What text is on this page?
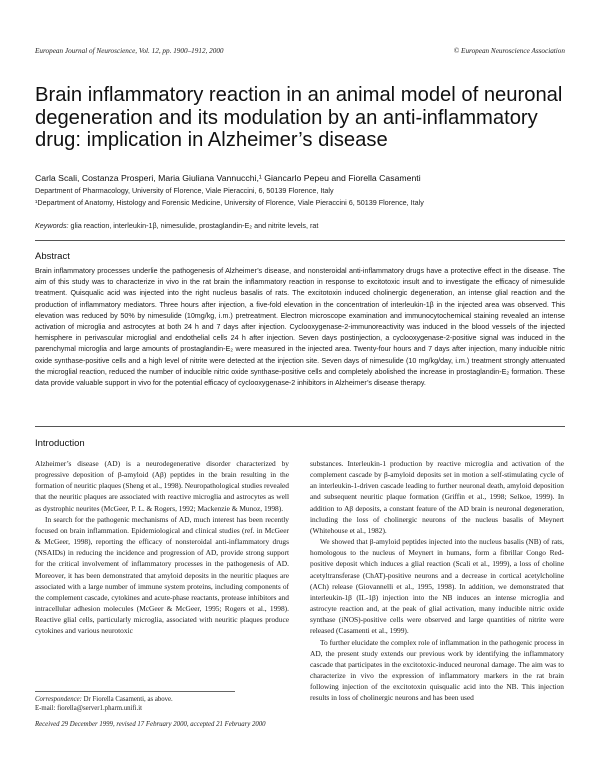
European Journal of Neuroscience, Vol. 12, pp. 1900–1912, 2000	© European Neuroscience Association
Brain inflammatory reaction in an animal model of neuronal degeneration and its modulation by an anti-inflammatory drug: implication in Alzheimer’s disease
Carla Scali, Costanza Prosperi, Maria Giuliana Vannucchi,¹ Giancarlo Pepeu and Fiorella Casamenti
Department of Pharmacology, University of Florence, Viale Pieraccini, 6, 50139 Florence, Italy
¹Department of Anatomy, Histology and Forensic Medicine, University of Florence, Viale Pieraccini 6, 50139 Florence, Italy
Keywords: glia reaction, interleukin-1β, nimesulide, prostaglandin-E₂ and nitrite levels, rat
Abstract
Brain inflammatory processes underlie the pathogenesis of Alzheimer’s disease, and nonsteroidal anti-inflammatory drugs have a protective effect in the disease. The aim of this study was to characterize in vivo in the rat brain the inflammatory reaction in response to excitotoxic insult and to investigate the efficacy of nimesulide treatment. Quisqualic acid was injected into the right nucleus basalis of rats. The excitotoxin induced cholinergic degeneration, an intense glial reaction and the production of inflammatory mediators. Three hours after injection, a five-fold elevation in the concentration of interleukin-1β in the injected area was observed. This elevation was reduced by 50% by nimesulide (10mg/kg, i.m.) pretreatment. Electron microscope examination and immunocytochemical staining revealed an intense activation of microglia and astrocytes at both 24 h and 7 days after injection. Cyclooxygenase-2-immunoreactivity was induced in the blood vessels of the injected hemisphere in perivascular microglial and endothelial cells 24 h after injection. Seven days postinjection, a cyclooxygenase-2-positive signal was induced in the parenchymal microglia and large amounts of prostaglandin-E₂ were measured in the injected area. Twenty-four hours and 7 days after injection, many inducible nitric oxide synthase-positive cells and a high level of nitrite were detected at the injection site. Seven days of nimesulide (10 mg/kg/day, i.m.) treatment strongly attenuated the microglial reaction, reduced the number of inducible nitric oxide synthase-positive cells and completely abolished the increase in prostaglandin-E₂ formation. These data provide valuable support in vivo for the potential efficacy of cyclooxygenase-2 inhibitors in Alzheimer’s disease therapy.
Introduction

Alzheimer’s disease (AD) is a neurodegenerative disorder characterized by progressive deposition of β-amyloid (Aβ) peptides in the brain resulting in the formation of neuritic plaques (Sheng et al., 1998). Neuropathological studies revealed that the neuritic plaques are associated with reactive microglia and astrocytes as well as dystrophic neurites (McGeer, P. L. & Rogers, 1992; Mackenzie & Munoz, 1998).

In search for the pathogenic mechanisms of AD, much interest has been recently focused on brain inflammation. Epidemiological and clinical studies (ref. in McGeer & McGeer, 1998), reporting the efficacy of nonsteroidal anti-inflammatory drugs (NSAIDs) in reducing the incidence and progression of AD, provide strong support for the critical involvement of inflammatory processes in the pathogenesis of AD. Moreover, it has been demonstrated that amyloid deposits in the neuritic plaques are associated with a large number of immune system proteins, including components of the complement cascade, cytokines and acute-phase reactants, protease inhibitors and intracellular adhesion molecules (McGeer & McGeer, 1995; Rogers et al., 1998). Reactive glial cells, particularly microglia, associated with neuritic plaques produce cytokines and various neurotoxic

substances. Interleukin-1 production by reactive microglia and activation of the complement cascade by β-amyloid deposits set in motion a self-stimulating cycle of an interleukin-1-driven cascade leading to further neuronal death, amyloid deposition and subsequent neuritic plaque formation (Griffin et al., 1998; Selkoe, 1999). In addition to Aβ deposits, a constant feature of the AD brain is neuronal degeneration, including the loss of cholinergic neurons of the nucleus basalis of Meynert (Whitehouse et al., 1982).

We showed that β-amyloid peptides injected into the nucleus basalis (NB) of rats, homologous to the nucleus of Meynert in humans, form a fibrillar Congo Red-positive deposit which induces a glial reaction (Scali et al., 1999), a loss of choline acetyltransferase (ChAT)-positive neurons and a decrease in cortical acetylcholine (ACh) release (Giovannelli et al., 1995, 1998). In addition, we demonstrated that interleukin-1β (IL-1β) injection into the NB induces an intense microglia and astrocyte reaction and, at the peak of glial activation, many inducible nitric oxide synthase (iNOS)-positive cells were observed and large quantities of nitrite were released (Casamenti et al., 1999).

To further elucidate the complex role of inflammation in the pathogenic process in AD, the present study extends our previous work by identifying the inflammatory cascade that participates in the excitotoxic-induced neuronal damage. The aim was to characterize in vivo the expression of inflammatory markers in the rat brain following injection of the excitotoxin quisqualic acid into the NB. This injection results in loss of cholinergic neurons and has been used

Correspondence: Dr Fiorella Casamenti, as above.
E-mail: fiorella@server1.pharm.unifi.it
Received 29 December 1999, revised 17 February 2000, accepted 21 February 2000
